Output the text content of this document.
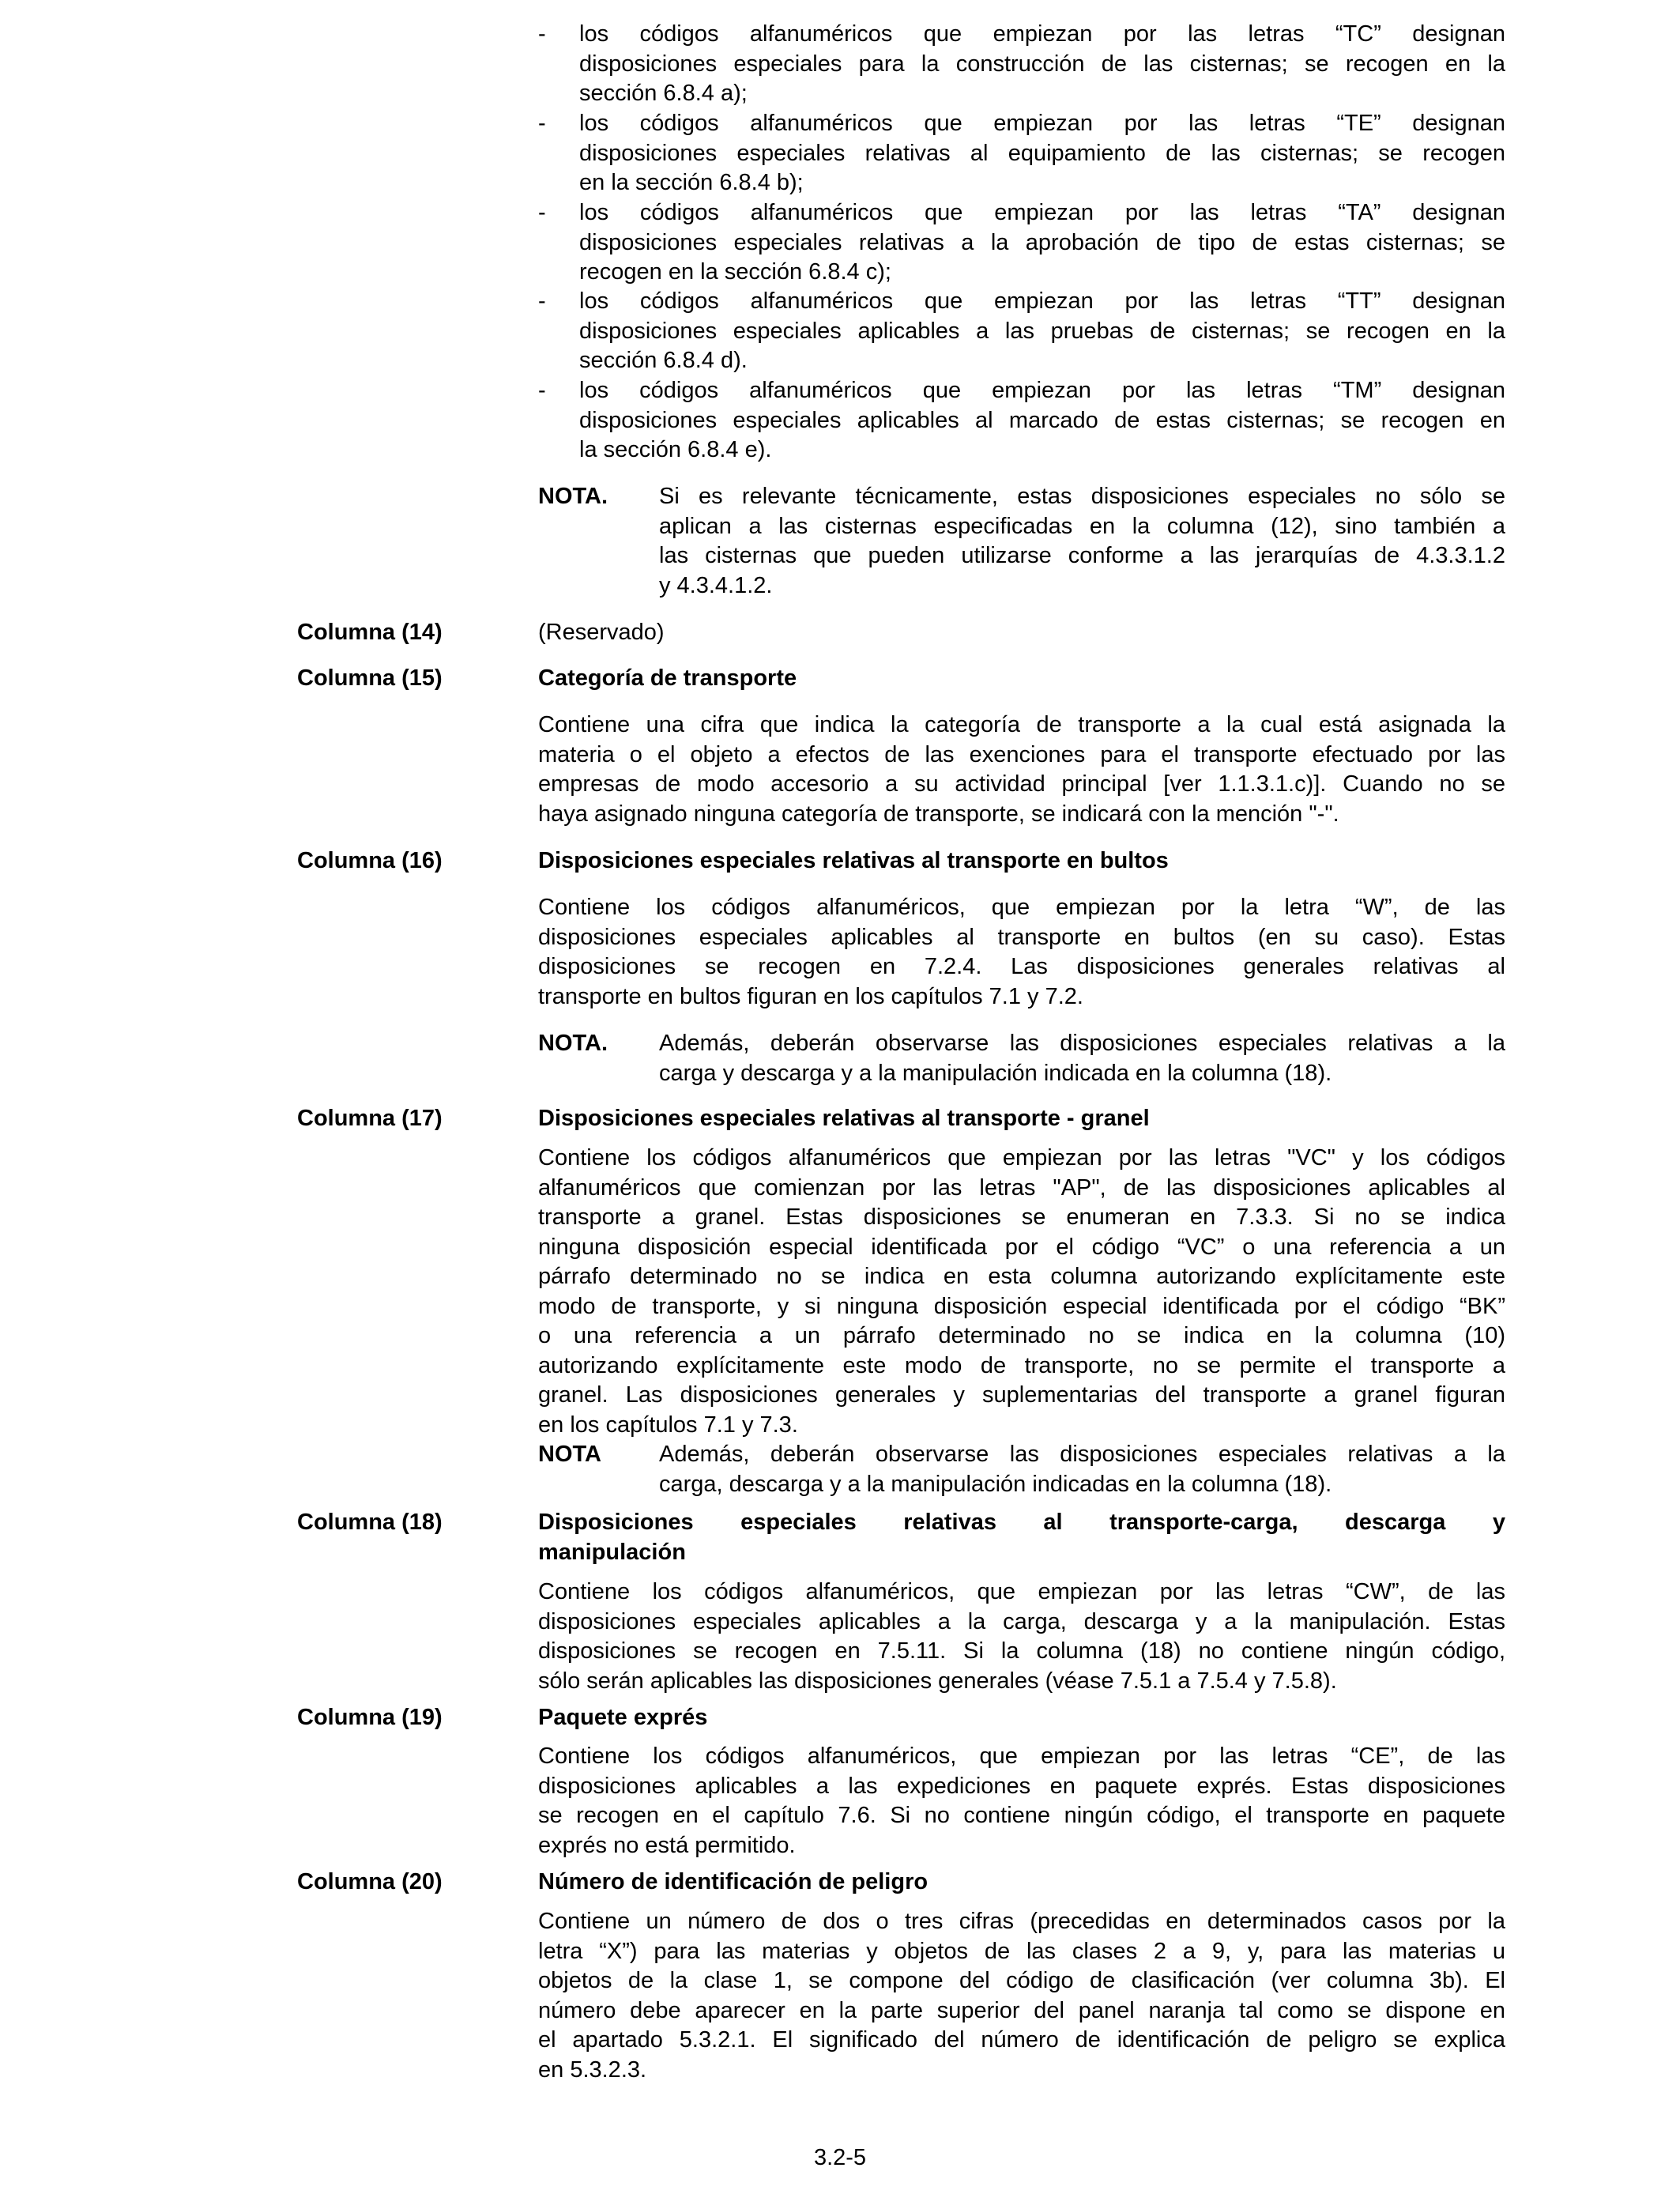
-	los códigos alfanuméricos que empiezan por las letras “TC” designan
disposiciones especiales para la construcción de las cisternas; se recogen en la
sección 6.8.4 a);
-	los códigos alfanuméricos que empiezan por las letras “TE” designan
disposiciones especiales relativas al equipamiento de las cisternas; se recogen
en la sección 6.8.4 b);
-	los códigos alfanuméricos que empiezan por las letras “TA” designan
disposiciones especiales relativas a la aprobación de tipo de estas cisternas; se
recogen en la sección 6.8.4 c);
-	los códigos alfanuméricos que empiezan por las letras “TT” designan
disposiciones especiales aplicables a las pruebas de cisternas; se recogen en la
sección 6.8.4 d).
-	los códigos alfanuméricos que empiezan por las letras “TM” designan
disposiciones especiales aplicables al marcado de estas cisternas; se recogen en
la sección 6.8.4 e).
NOTA.	Si es relevante técnicamente, estas disposiciones especiales no sólo se
aplican a las cisternas especificadas en la columna (12), sino también a
las cisternas que pueden utilizarse conforme a las jerarquías de 4.3.3.1.2
y 4.3.4.1.2.
Columna (14)	(Reservado)
Columna (15)	Categoría de transporte
Contiene una cifra que indica la categoría de transporte a la cual está asignada la
materia o el objeto a efectos de las exenciones para el transporte efectuado por las
empresas de modo accesorio a su actividad principal [ver 1.1.3.1.c)]. Cuando no se
haya asignado ninguna categoría de transporte, se indicará con la mención "-".
Columna (16)	Disposiciones especiales relativas al transporte en bultos
Contiene los códigos alfanuméricos, que empiezan por la letra “W”, de las
disposiciones especiales aplicables al transporte en bultos (en su caso). Estas
disposiciones se recogen en 7.2.4. Las disposiciones generales relativas al
transporte en bultos figuran en los capítulos 7.1 y 7.2.
NOTA.	Además, deberán observarse las disposiciones especiales relativas a la
carga y descarga y a la manipulación indicada en la columna (18).
Columna (17)	Disposiciones especiales relativas al transporte - granel
Contiene los códigos alfanuméricos que empiezan por las letras "VC" y los códigos
alfanuméricos que comienzan por las letras "AP", de las disposiciones aplicables al
transporte a granel. Estas disposiciones se enumeran en 7.3.3. Si no se indica
ninguna disposición especial identificada por el código “VC” o una referencia a un
párrafo determinado no se indica en esta columna autorizando explícitamente este
modo de transporte, y si ninguna disposición especial identificada por el código “BK”
o una referencia a un párrafo determinado no se indica en la columna (10)
autorizando explícitamente este modo de transporte, no se permite el transporte a
granel. Las disposiciones generales y suplementarias del transporte a granel figuran
en los capítulos 7.1 y 7.3.
NOTA	Además, deberán observarse las disposiciones especiales relativas a la
carga, descarga y a la manipulación indicadas en la columna (18).
Columna (18)	Disposiciones especiales relativas al transporte-carga, descarga y
manipulación
Contiene los códigos alfanuméricos, que empiezan por las letras “CW”, de las
disposiciones especiales aplicables a la carga, descarga y a la manipulación. Estas
disposiciones se recogen en 7.5.11. Si la columna (18) no contiene ningún código,
sólo serán aplicables las disposiciones generales (véase 7.5.1 a 7.5.4 y 7.5.8).
Columna (19)	Paquete exprés
Contiene los códigos alfanuméricos, que empiezan por las letras “CE”, de las
disposiciones aplicables a las expediciones en paquete exprés. Estas disposiciones
se recogen en el capítulo 7.6. Si no contiene ningún código, el transporte en paquete
exprés no está permitido.
Columna (20)	Número de identificación de peligro
Contiene un número de dos o tres cifras (precedidas en determinados casos por la
letra “X”) para las materias y objetos de las clases 2 a 9, y, para las materias u
objetos de la clase 1, se compone del código de clasificación (ver columna 3b). El
número debe aparecer en la parte superior del panel naranja tal como se dispone en
el apartado 5.3.2.1. El significado del número de identificación de peligro se explica
en 5.3.2.3.
3.2-5
